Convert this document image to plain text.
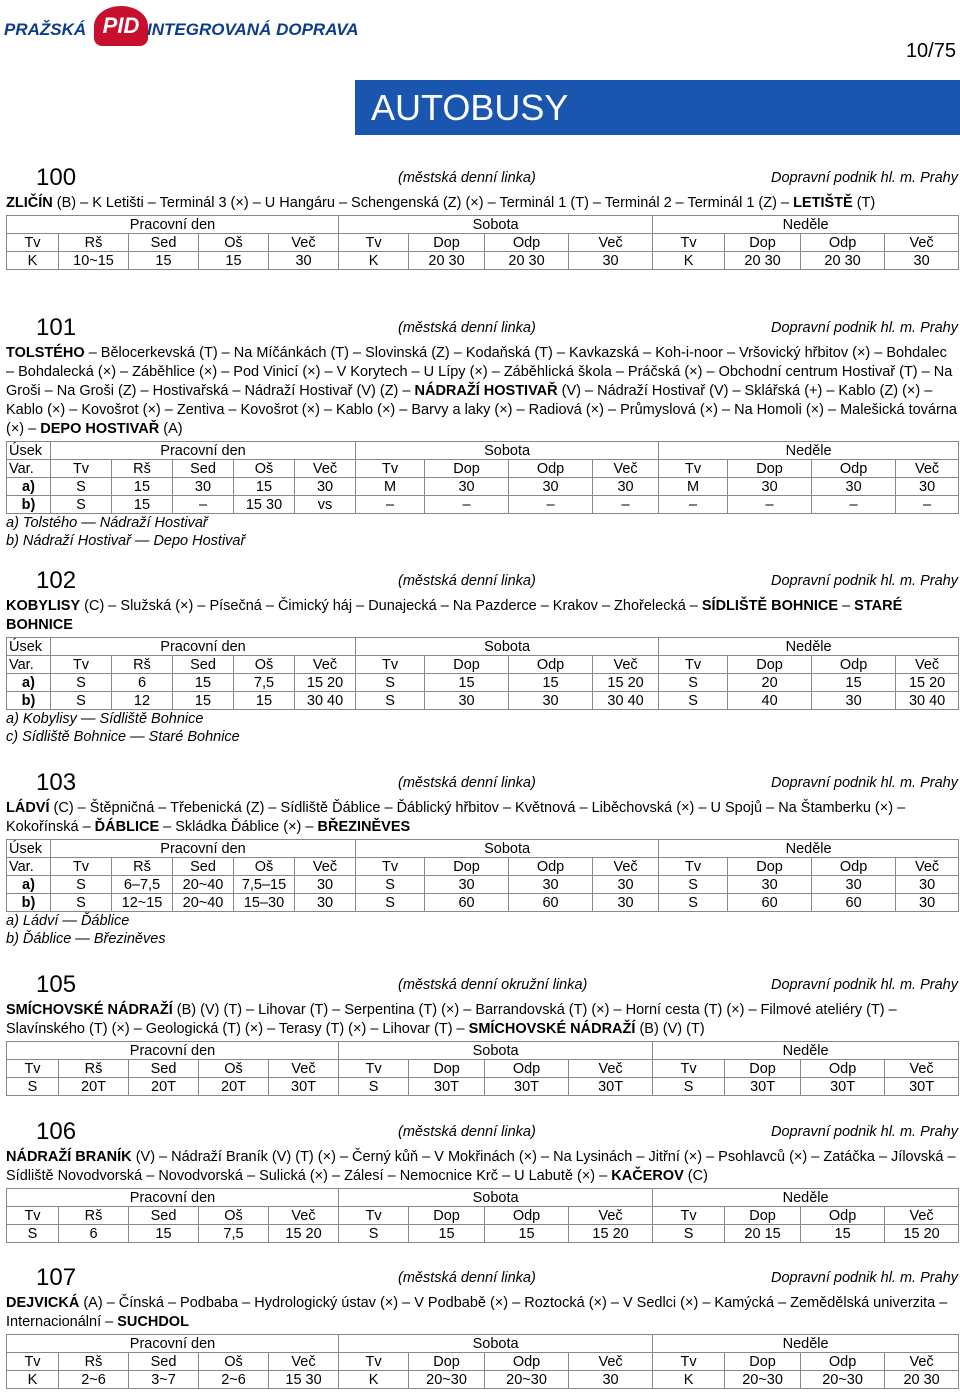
PRAŽSKÁ PID INTEGROVANÁ DOPRAVA
10/75
AUTOBUSY
100	(městská denní linka)	Dopravní podnik hl. m. Prahy
ZLIČÍN (B) – K Letišti – Terminál 3 (×) – U Hangáru – Schengenská (Z) (×) – Terminál 1 (T) – Terminál 2 – Terminál 1 (Z) – LETIŠTĚ (T)
Pracovní den					Sobota				Neděle			
Tv	Rš	Sed	Oš	Več	Tv	Dop	Odp	Več	Tv	Dop	Odp	Več
K	10~15	15	15	30	K	20 30	20 30	30	K	20 30	20 30	30
101	(městská denní linka)	Dopravní podnik hl. m. Prahy
TOLSTÉHO – Bělocerkevská (T) – Na Míčánkách (T) – Slovinská (Z) – Kodaňská (T) – Kavkazská – Koh-i-noor – Vršovický hřbitov (×) – Bohdalec – Bohdalecká (×) – Záběhlice (×) – Pod Vinicí (×) – V Korytech – U Lípy (×) – Záběhlická škola – Práčská (×) – Obchodní centrum Hostivař (T) – Na Groši – Na Groši (Z) – Hostivařská – Nádraží Hostivař (V) (Z) – NÁDRAŽÍ HOSTIVAŘ (V) – Nádraží Hostivař (V) – Sklářská (+) – Kablo (Z) (×) – Kablo (×) – Kovošrot (×) – Zentiva – Kovošrot (×) – Kablo (×) – Barvy a laky (×) – Radiová (×) – Průmyslová (×) – Na Homoli (×) – Malešická továrna (×) – DEPO HOSTIVAŘ (A)
Úsek	Pracovní den					Sobota				Neděle			
Var.	Tv	Rš	Sed	Oš	Več	Tv	Dop	Odp	Več	Tv	Dop	Odp	Več
a)	S	15	30	15	30	M	30	30	30	M	30	30	30
b)	S	15	–	15 30	vs	–	–	–	–	–	–	–	–
a) Tolstého — Nádraží Hostivař
b) Nádraží Hostivař — Depo Hostivař
102	(městská denní linka)	Dopravní podnik hl. m. Prahy
KOBYLISY (C) – Služská (×) – Písečná – Čimický háj – Dunajecká – Na Pazderce – Krakov – Zhořelecká – SÍDLIŠTĚ BOHNICE – STARÉ BOHNICE
Úsek	Pracovní den					Sobota				Neděle			
Var.	Tv	Rš	Sed	Oš	Več	Tv	Dop	Odp	Več	Tv	Dop	Odp	Več
a)	S	6	15	7,5	15 20	S	15	15	15 20	S	20	15	15 20
b)	S	12	15	15	30 40	S	30	30	30 40	S	40	30	30 40
a) Kobylisy — Sídliště Bohnice
c) Sídliště Bohnice — Staré Bohnice
103	(městská denní linka)	Dopravní podnik hl. m. Prahy
LÁDVÍ (C) – Štěpničná – Třebenická (Z) – Sídliště Ďáblice – Ďáblický hřbitov – Květnová – Liběchovská (×) – U Spojů – Na Štamberku (×) – Kokořínská – ĎÁBLICE – Skládka Ďáblice (×) – BŘEZINĚVES
Úsek	Pracovní den					Sobota				Neděle			
Var.	Tv	Rš	Sed	Oš	Več	Tv	Dop	Odp	Več	Tv	Dop	Odp	Več
a)	S	6–7,5	20~40	7,5–15	30	S	30	30	30	S	30	30	30
b)	S	12~15	20~40	15–30	30	S	60	60	30	S	60	60	30
a) Ládví — Ďáblice
b) Ďáblice — Březiněves
105	(městská denní okružní linka)	Dopravní podnik hl. m. Prahy
SMÍCHOVSKÉ NÁDRAŽÍ (B) (V) (T) – Lihovar (T) – Serpentina (T) (×) – Barrandovská (T) (×) – Horní cesta (T) (×) – Filmové ateliéry (T) – Slavínského (T) (×) – Geologická (T) (×) – Terasy (T) (×) – Lihovar (T) – SMÍCHOVSKÉ NÁDRAŽÍ (B) (V) (T)
Pracovní den					Sobota				Neděle			
Tv	Rš	Sed	Oš	Več	Tv	Dop	Odp	Več	Tv	Dop	Odp	Več
S	20T	20T	20T	30T	S	30T	30T	30T	S	30T	30T	30T
106	(městská denní linka)	Dopravní podnik hl. m. Prahy
NÁDRAŽÍ BRANÍK (V) – Nádraží Braník (V) (T) (×) – Černý kůň – V Mokřinách (×) – Na Lysinách – Jitřní (×) – Psohlavců (×) – Zatáčka – Jílovská – Sídliště Novodvorská – Novodvorská – Sulická (×) – Zálesí – Nemocnice Krč – U Labutě (×) – KAČEROV (C)
Pracovní den					Sobota				Neděle			
Tv	Rš	Sed	Oš	Več	Tv	Dop	Odp	Več	Tv	Dop	Odp	Več
S	6	15	7,5	15 20	S	15	15	15 20	S	20 15	15	15 20
107	(městská denní linka)	Dopravní podnik hl. m. Prahy
DEJVICKÁ (A) – Čínská – Podbaba – Hydrologický ústav (×) – V Podbabě (×) – Roztocká (×) – V Sedlci (×) – Kamýcká – Zemědělská univerzita – Internacionální – SUCHDOL
Pracovní den					Sobota				Neděle			
Tv	Rš	Sed	Oš	Več	Tv	Dop	Odp	Več	Tv	Dop	Odp	Več
K	2~6	3~7	2~6	15 30	K	20~30	20~30	30	K	20~30	20~30	20 30
